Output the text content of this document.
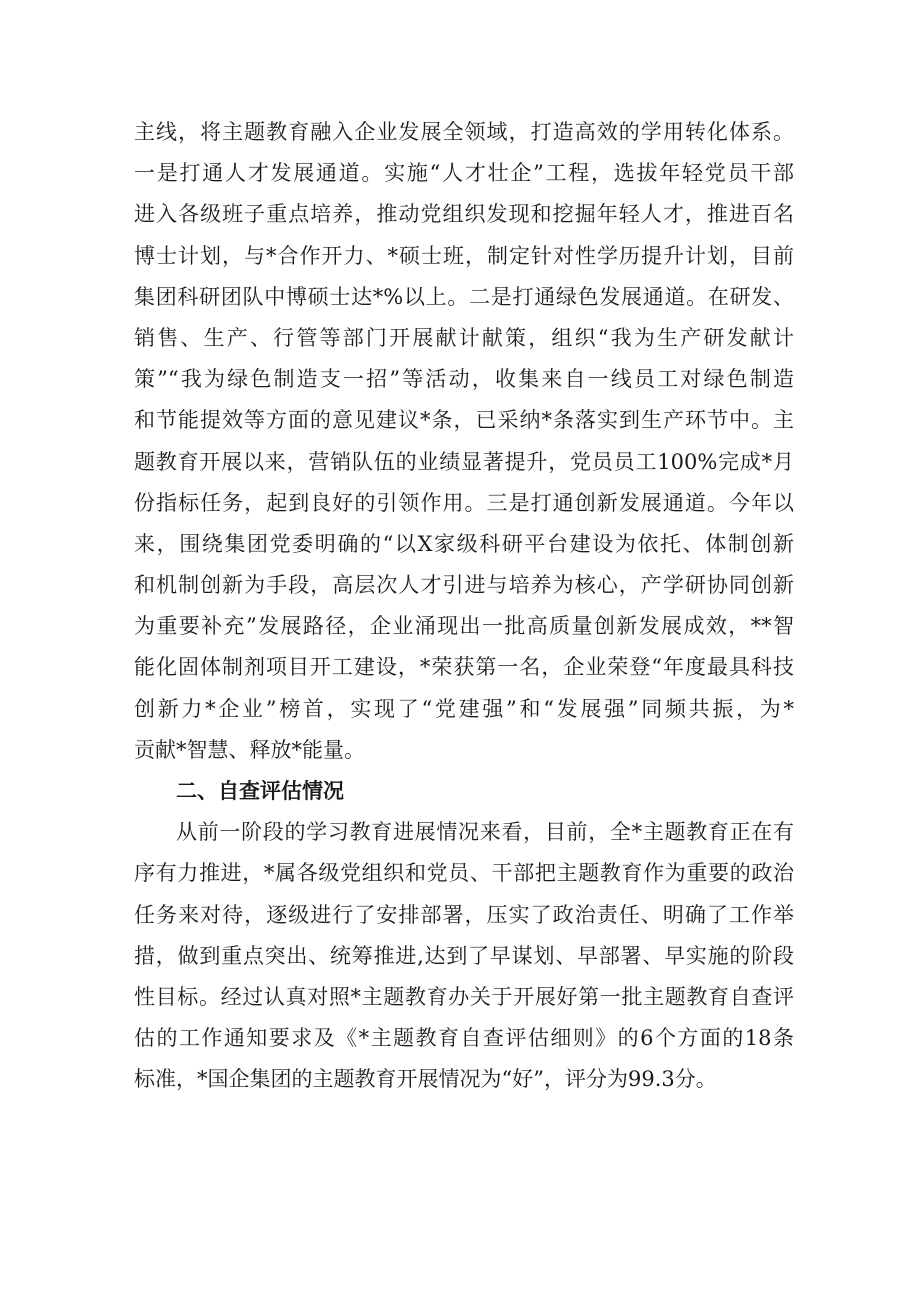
主线，将主题教育融入企业发展全领域，打造高效的学用转化体系。
一是打通人才发展通道。实施“人才壮企”工程，选拔年轻党员干部
进入各级班子重点培养，推动党组织发现和挖掘年轻人才，推进百名
博士计划，与*合作开力、*硕士班，制定针对性学历提升计划，目前
集团科研团队中博硕士达*%以上。二是打通绿色发展通道。在研发、
销售、生产、行管等部门开展献计献策，组织“我为生产研发献计
策”“我为绿色制造支一招”等活动，收集来自一线员工对绿色制造
和节能提效等方面的意见建议*条，已采纳*条落实到生产环节中。主
题教育开展以来，营销队伍的业绩显著提升，党员员工100%完成*月
份指标任务，起到良好的引领作用。三是打通创新发展通道。今年以
来，围绕集团党委明确的“以X家级科研平台建设为依托、体制创新
和机制创新为手段，高层次人才引进与培养为核心，产学研协同创新
为重要补充”发展路径，企业涌现出一批高质量创新发展成效，**智
能化固体制剂项目开工建设，*荣获第一名，企业荣登“年度最具科技
创新力*企业”榜首，实现了“党建强”和“发展强”同频共振，为*
贡献*智慧、释放*能量。
二、自查评估情况
从前一阶段的学习教育进展情况来看，目前，全*主题教育正在有
序有力推进，*属各级党组织和党员、干部把主题教育作为重要的政治
任务来对待，逐级进行了安排部署，压实了政治责任、明确了工作举
措，做到重点突出、统筹推进,达到了早谋划、早部署、早实施的阶段
性目标。经过认真对照*主题教育办关于开展好第一批主题教育自查评
估的工作通知要求及《*主题教育自查评估细则》的6个方面的18条
标准，*国企集团的主题教育开展情况为“好”，评分为99.3分。
